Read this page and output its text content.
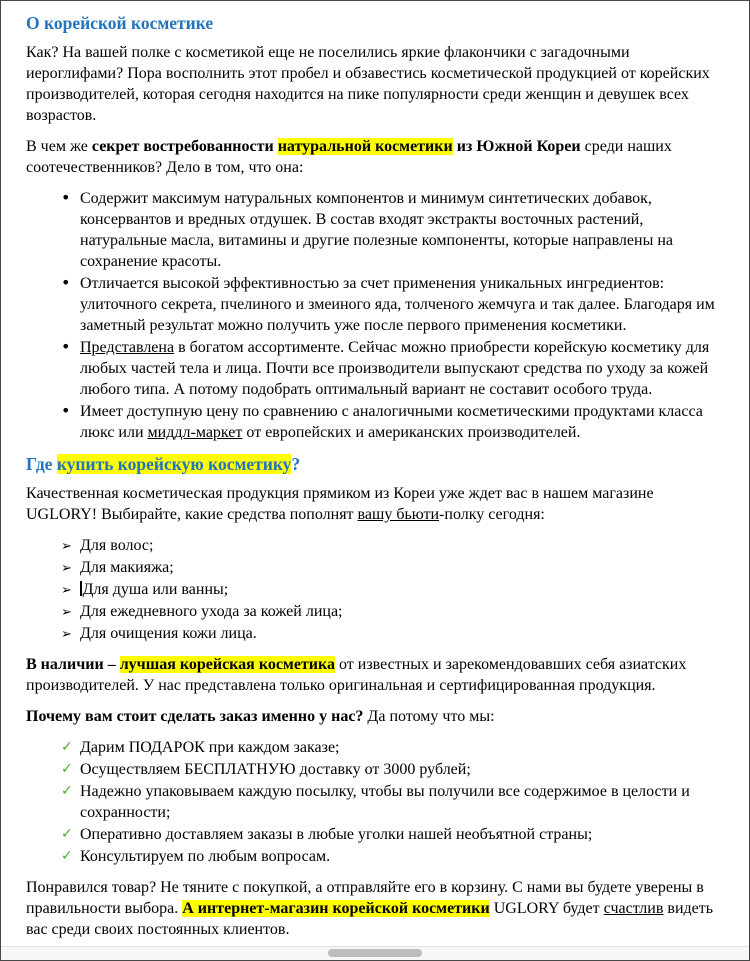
О корейской косметике

Как? На вашей полке с косметикой еще не поселились яркие флакончики с загадочными иероглифами? Пора восполнить этот пробел и обзавестись косметической продукцией от корейских производителей, которая сегодня находится на пике популярности среди женщин и девушек всех возрастов.

В чем же секрет востребованности натуральной косметики из Южной Кореи среди наших соотечественников? Дело в том, что она:

• Содержит максимум натуральных компонентов и минимум синтетических добавок, консервантов и вредных отдушек. В состав входят экстракты восточных растений, натуральные масла, витамины и другие полезные компоненты, которые направлены на сохранение красоты.
• Отличается высокой эффективностью за счет применения уникальных ингредиентов: улиточного секрета, пчелиного и змеиного яда, толченого жемчуга и так далее. Благодаря им заметный результат можно получить уже после первого применения косметики.
• Представлена в богатом ассортименте. Сейчас можно приобрести корейскую косметику для любых частей тела и лица. Почти все производители выпускают средства по уходу за кожей любого типа. А потому подобрать оптимальный вариант не составит особого труда.
• Имеет доступную цену по сравнению с аналогичными косметическими продуктами класса люкс или миддл-маркет от европейских и американских производителей.
Где купить корейскую косметику?

Качественная косметическая продукция прямиком из Кореи уже ждет вас в нашем магазине UGLORY! Выбирайте, какие средства пополнят вашу бьюти-полку сегодня:

➢ Для волос;
➢ Для макияжа;
➢ Для душа или ванны;
➢ Для ежедневного ухода за кожей лица;
➢ Для очищения кожи лица.

В наличии – лучшая корейская косметика от известных и зарекомендовавших себя азиатских производителей. У нас представлена только оригинальная и сертифицированная продукция.

Почему вам стоит сделать заказ именно у нас? Да потому что мы:

✓ Дарим ПОДАРОК при каждом заказе;
✓ Осуществляем БЕСПЛАТНУЮ доставку от 3000 рублей;
✓ Надежно упаковываем каждую посылку, чтобы вы получили все содержимое в целости и сохранности;
✓ Оперативно доставляем заказы в любые уголки нашей необъятной страны;
✓ Консультируем по любым вопросам.

Понравился товар? Не тяните с покупкой, а отправляйте его в корзину. С нами вы будете уверены в правильности выбора. А интернет-магазин корейской косметики UGLORY будет счастлив видеть вас среди своих постоянных клиентов.
